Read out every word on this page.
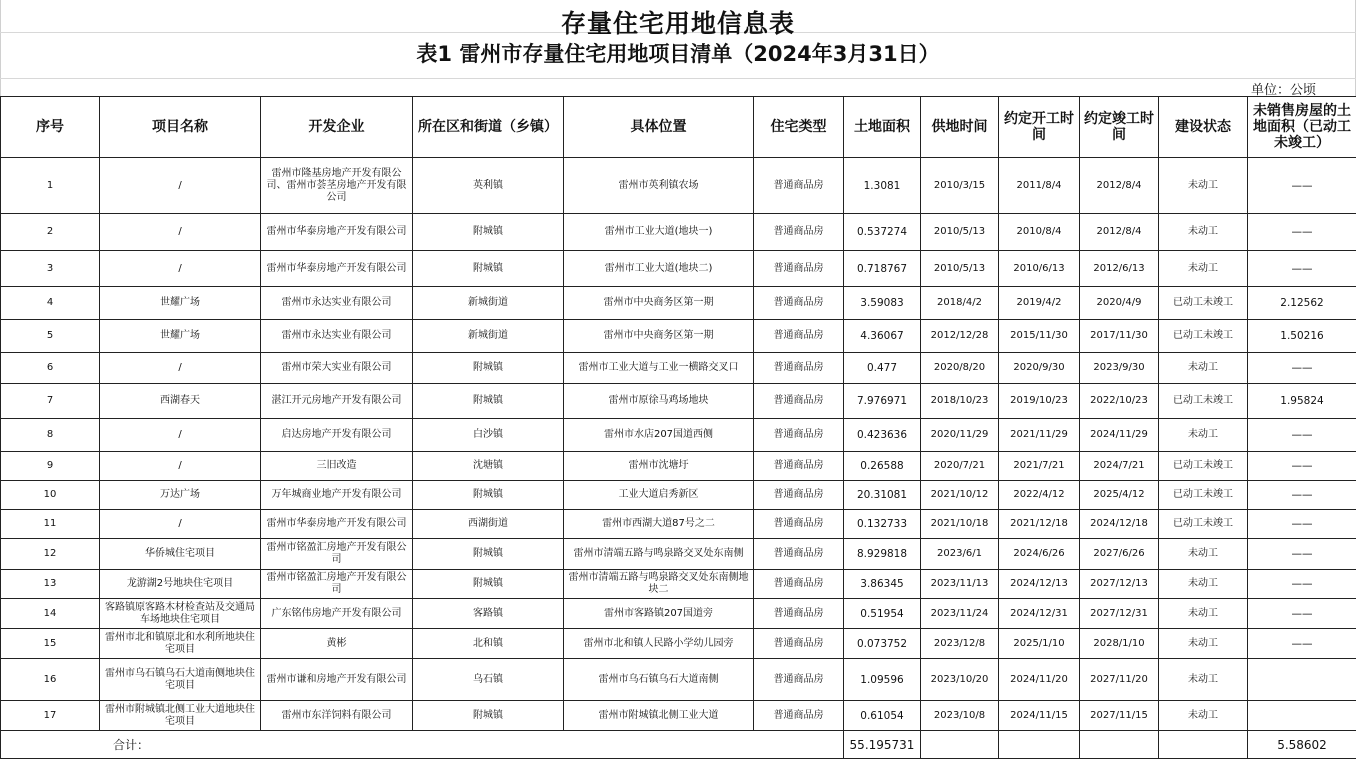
存量住宅用地信息表
表1 雷州市存量住宅用地项目清单（2024年3月31日）
单位：公顷
序号	项目名称	开发企业	所在区和街道（乡镇）	具体位置	住宅类型	土地面积	供地时间	约定开工时间	约定竣工时间	建设状态	未销售房屋的土地面积（已动工未竣工）
1	/	雷州市隆基房地产开发有限公司、雷州市荟茎房地产开发有限公司	英利镇	雷州市英利镇农场	普通商品房	1.3081	2010/3/15	2011/8/4	2012/8/4	未动工	——
2	/	雷州市华泰房地产开发有限公司	附城镇	雷州市工业大道(地块一)	普通商品房	0.537274	2010/5/13	2010/8/4	2012/8/4	未动工	——
3	/	雷州市华泰房地产开发有限公司	附城镇	雷州市工业大道(地块二)	普通商品房	0.718767	2010/5/13	2010/6/13	2012/6/13	未动工	——
4	世耀广场	雷州市永达实业有限公司	新城街道	雷州市中央商务区第一期	普通商品房	3.59083	2018/4/2	2019/4/2	2020/4/9	已动工未竣工	2.12562
5	世耀广场	雷州市永达实业有限公司	新城街道	雷州市中央商务区第一期	普通商品房	4.36067	2012/12/28	2015/11/30	2017/11/30	已动工未竣工	1.50216
6	/	雷州市荣大实业有限公司	附城镇	雷州市工业大道与工业一横路交叉口	普通商品房	0.477	2020/8/20	2020/9/30	2023/9/30	未动工	——
7	西湖春天	湛江开元房地产开发有限公司	附城镇	雷州市原徐马鸡场地块	普通商品房	7.976971	2018/10/23	2019/10/23	2022/10/23	已动工未竣工	1.95824
8	/	启达房地产开发有限公司	白沙镇	雷州市水店207国道西侧	普通商品房	0.423636	2020/11/29	2021/11/29	2024/11/29	未动工	——
9	/	三旧改造	沈塘镇	雷州市沈塘圩	普通商品房	0.26588	2020/7/21	2021/7/21	2024/7/21	已动工未竣工	——
10	万达广场	万年城商业地产开发有限公司	附城镇	工业大道启秀新区	普通商品房	20.31081	2021/10/12	2022/4/12	2025/4/12	已动工未竣工	——
11	/	雷州市华泰房地产开发有限公司	西湖街道	雷州市西湖大道87号之二	普通商品房	0.132733	2021/10/18	2021/12/18	2024/12/18	已动工未竣工	——
12	华侨城住宅项目	雷州市铭盈汇房地产开发有限公司	附城镇	雷州市清端五路与鸣泉路交叉处东南侧	普通商品房	8.929818	2023/6/1	2024/6/26	2027/6/26	未动工	——
13	龙游湖2号地块住宅项目	雷州市铭盈汇房地产开发有限公司	附城镇	雷州市清端五路与鸣泉路交叉处东南侧地块二	普通商品房	3.86345	2023/11/13	2024/12/13	2027/12/13	未动工	——
14	客路镇原客路木材检查站及交通局车场地块住宅项目	广东铭伟房地产开发有限公司	客路镇	雷州市客路镇207国道旁	普通商品房	0.51954	2023/11/24	2024/12/31	2027/12/31	未动工	——
15	雷州市北和镇原北和水利所地块住宅项目	黄彬	北和镇	雷州市北和镇人民路小学幼儿园旁	普通商品房	0.073752	2023/12/8	2025/1/10	2028/1/10	未动工	——
16	雷州市乌石镇乌石大道南侧地块住宅项目	雷州市谦和房地产开发有限公司	乌石镇	雷州市乌石镇乌石大道南侧	普通商品房	1.09596	2023/10/20	2024/11/20	2027/11/20	未动工	
17	雷州市附城镇北侧工业大道地块住宅项目	雷州市东洋饲料有限公司	附城镇	雷州市附城镇北侧工业大道	普通商品房	0.61054	2023/10/8	2024/11/15	2027/11/15	未动工	
合计：						55.195731					5.58602
